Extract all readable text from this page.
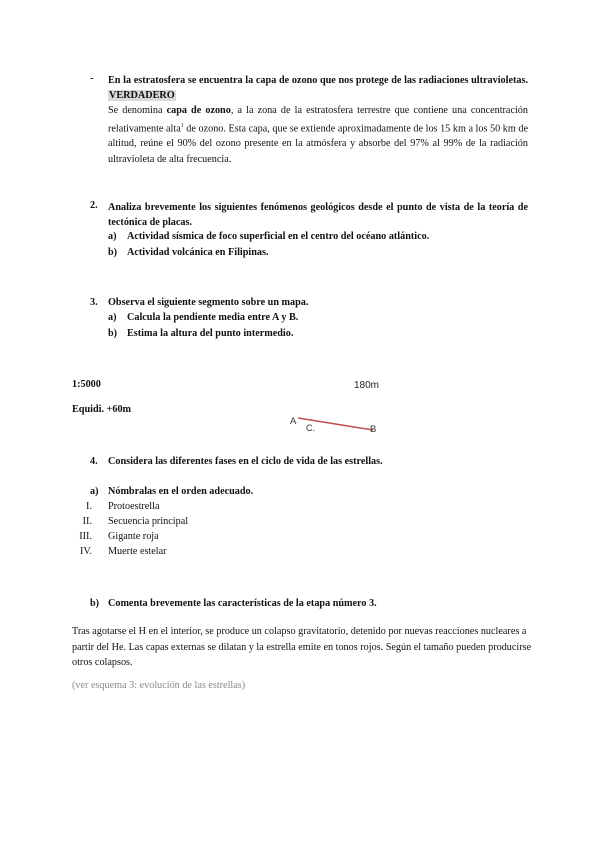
- En la estratosfera se encuentra la capa de ozono que nos protege de las radiaciones ultravioletas. VERDADERO
Se denomina capa de ozono, a la zona de la estratosfera terrestre que contiene una concentración relativamente alta$^1$ de ozono. Esta capa, que se extiende aproximadamente de los 15 km a los 50 km de altitud, reúne el 90% del ozono presente en la atmósfera y absorbe del 97% al 99% de la radiación ultravioleta de alta frecuencia.
2. Analiza brevemente los siguientes fenómenos geológicos desde el punto de vista de la teoría de tectónica de placas.
a) Actividad sísmica de foco superficial en el centro del océano atlántico.
b) Actividad volcánica en Filipinas.
3. Observa el siguiente segmento sobre un mapa.
a) Calcula la pendiente media entre A y B.
b) Estima la altura del punto intermedio.
1:5000
Equidi. +60m
180m
A
C.	B
4. Considera las diferentes fases en el ciclo de vida de las estrellas.
a) Nómbralas en el orden adecuado.
I. Protoestrella
II. Secuencia principal
III. Gigante roja
IV. Muerte estelar
b) Comenta brevemente las características de la etapa número 3.
Tras agotarse el H en el interior, se produce un colapso gravitatorio, detenido por nuevas reacciones nucleares a partir del He. Las capas externas se dilatan y la estrella emite en tonos rojos. Según el tamaño pueden producirse otros colapsos.
(ver esquema 3: evolución de las estrellas)
